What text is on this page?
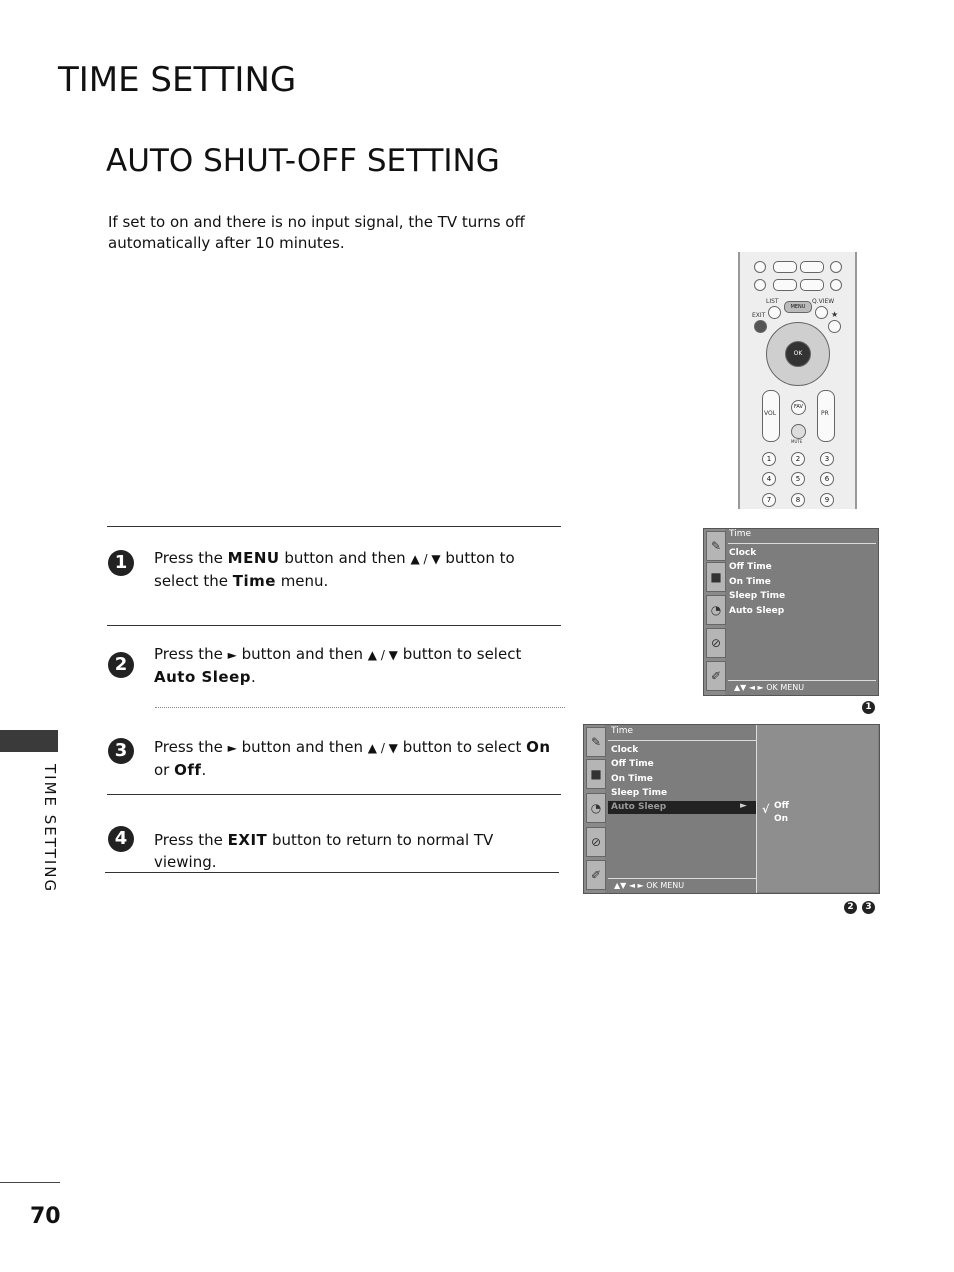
TIME SETTING
AUTO SHUT-OFF SETTING
If set to on and there is no input signal, the TV turns off automatically after 10 minutes.
TIME SETTING
70
1	Press the MENU button and then ▲ / ▼ button to select the Time menu.
2	Press the ► button and then ▲ / ▼ button to select Auto Sleep.
3	Press the ► button and then ▲ / ▼ button to select On or Off.
4	Press the EXIT button to return to normal TV viewing.
LIST	Q.VIEW
MENU
EXIT	★
OK
VOL	PR
FAV
MUTE
1	2	3
4	5	6
7	8	9
✎
■
◔
⊘
✐
Time
Clock
Off Time
On Time
Sleep Time
Auto Sleep
▲▼ ◄ ► OK MENU
1
✎
■
◔
⊘
✐
Time
Clock
Off Time
On Time
Sleep Time
Auto Sleep	► √ Off
On
▲▼ ◄ ► OK MENU
2	3
